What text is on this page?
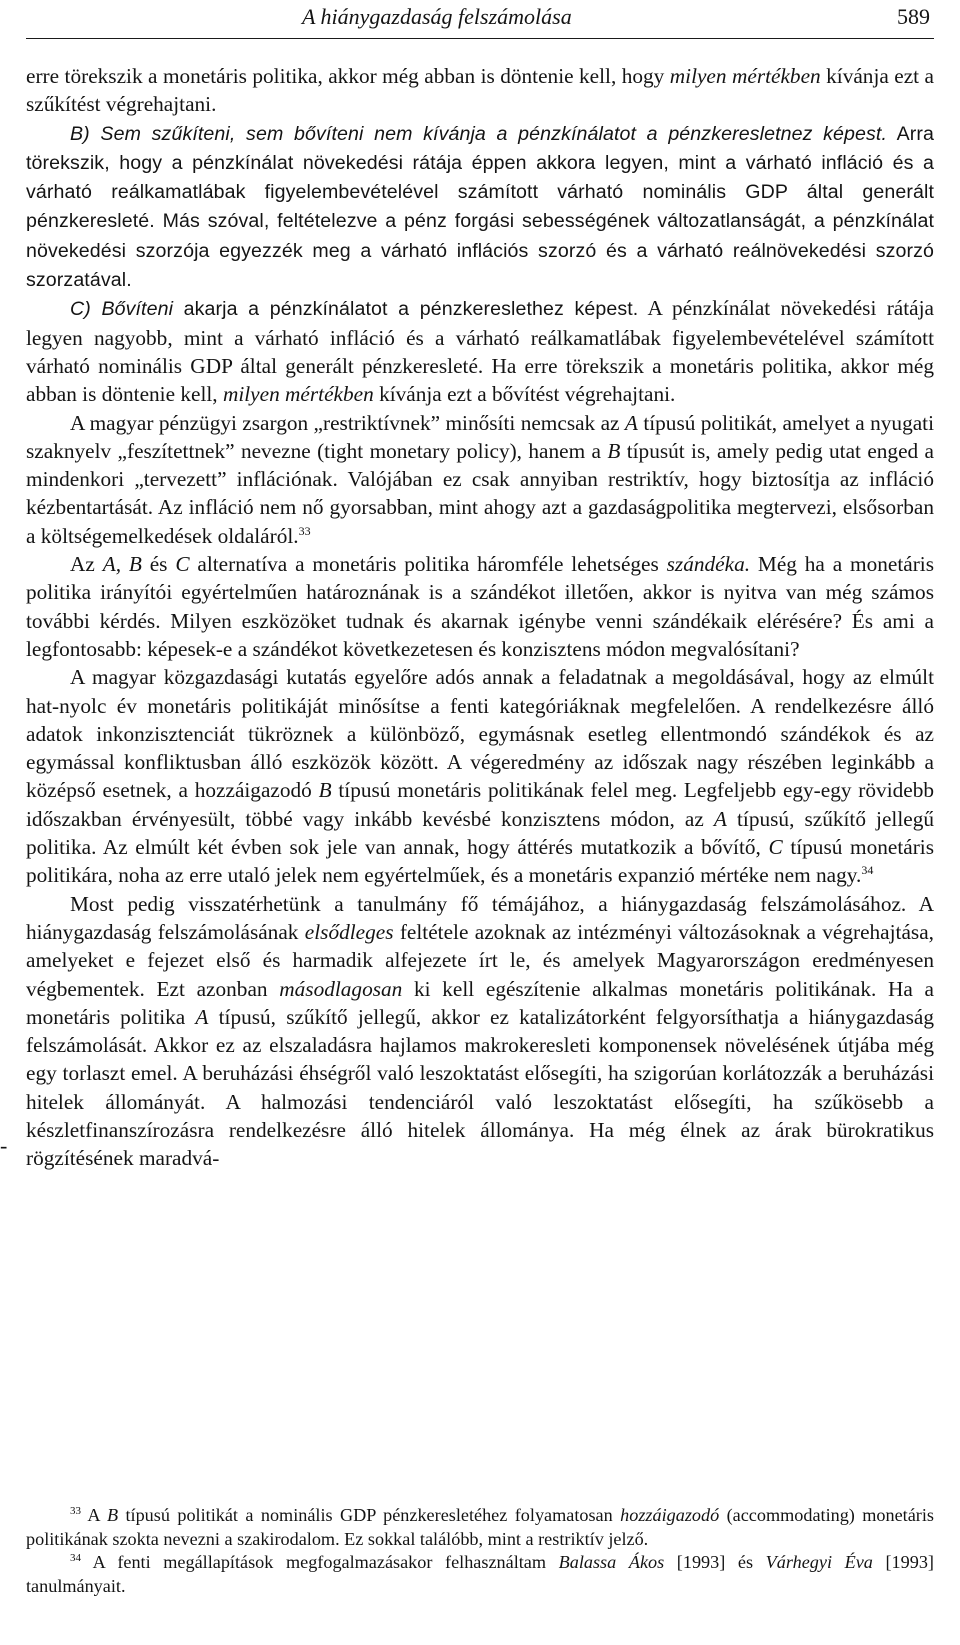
A hiánygazdaság felszámolása	589

erre törekszik a monetáris politika, akkor még abban is döntenie kell, hogy milyen mértékben kívánja ezt a szűkítést végrehajtani.

B) Sem szűkíteni, sem bővíteni nem kívánja a pénzkínálatot a pénzkeresletnez képest. Arra törekszik, hogy a pénzkínálat növekedési rátája éppen akkora legyen, mint a várható infláció és a várható reálkamatlábak figyelembevételével számított várható nominális GDP által generált pénzkeresleté. Más szóval, feltételezve a pénz forgási sebességének változatlanságát, a pénzkínálat növekedési szorzója egyezzék meg a várható inflációs szorzó és a várható reálnövekedési szorzó szorzatával.

C) Bővíteni akarja a pénzkínálatot a pénzkereslethez képest. A pénzkínálat növekedési rátája legyen nagyobb, mint a várható infláció és a várható reálkamatlábak figyelembevételével számított várható nominális GDP által generált pénzkeresleté. Ha erre törekszik a monetáris politika, akkor még abban is döntenie kell, milyen mértékben kívánja ezt a bővítést végrehajtani.

A magyar pénzügyi zsargon „restriktívnek” minősíti nemcsak az A típusú politikát, amelyet a nyugati szaknyelv „feszítettnek” nevezne (tight monetary policy), hanem a B típusút is, amely pedig utat enged a mindenkori „tervezett” inflációnak. Valójában ez csak annyiban restriktív, hogy biztosítja az infláció kézbentartását. Az infláció nem nő gyorsabban, mint ahogy azt a gazdaságpolitika megtervezi, elsősorban a költségemelkedések oldaláról.$^{33}$

Az A, B és C alternatíva a monetáris politika háromféle lehetséges szándéka. Még ha a monetáris politika irányítói egyértelműen határoznának is a szándékot illetően, akkor is nyitva van még számos további kérdés. Milyen eszközöket tudnak és akarnak igénybe venni szándékaik elérésére? És ami a legfontosabb: képesek-e a szándékot következetesen és konzisztens módon megvalósítani?

A magyar közgazdasági kutatás egyelőre adós annak a feladatnak a megoldásával, hogy az elmúlt hat-nyolc év monetáris politikáját minősítse a fenti kategóriáknak megfelelően. A rendelkezésre álló adatok inkonzisztenciát tükröznek a különböző, egymásnak esetleg ellentmondó szándékok és az egymással konfliktusban álló eszközök között. A végeredmény az időszak nagy részében leginkább a középső esetnek, a hozzáigazodó B típusú monetáris politikának felel meg. Legfeljebb egy-egy rövidebb időszakban érvényesült, többé vagy inkább kevésbé konzisztens módon, az A típusú, szűkítő jellegű politika. Az elmúlt két évben sok jele van annak, hogy áttérés mutatkozik a bővítő, C típusú monetáris politikára, noha az erre utaló jelek nem egyértelműek, és a monetáris expanzió mértéke nem nagy.$^{34}$

Most pedig visszatérhetünk a tanulmány fő témájához, a hiánygazdaság felszámolásához. A hiánygazdaság felszámolásának elsődleges feltétele azoknak az intézményi változásoknak a végrehajtása, amelyeket e fejezet első és harmadik alfejezete írt le, és amelyek Magyarországon eredményesen végbementek. Ezt azonban másodlagosan ki kell egészítenie alkalmas monetáris politikának. Ha a monetáris politika A típusú, szűkítő jellegű, akkor ez katalizátorként felgyorsíthatja a hiánygazdaság felszámolását. Akkor ez az elszaladásra hajlamos makrokeresleti komponensek növelésének útjába még egy torlaszt emel. A beruházási éhségről való leszoktatást elősegíti, ha szigorúan korlátozzák a beruházási hitelek állományát. A halmozási tendenciáról való leszoktatást elősegíti, ha szűkösebb a készletfinanszírozásra rendelkezésre álló hitelek állománya. Ha még élnek az árak bürokratikus rögzítésének maradvá-

$^{33}$ A B típusú politikát a nominális GDP pénzkeresletéhez folyamatosan hozzáigazodó (accommodating) monetáris politikának szokta nevezni a szakirodalom. Ez sokkal találóbb, mint a restriktív jelző.

$^{34}$ A fenti megállapítások megfogalmazásakor felhasználtam Balassa Ákos [1993] és Várhegyi Éva [1993] tanulmányait.

-
